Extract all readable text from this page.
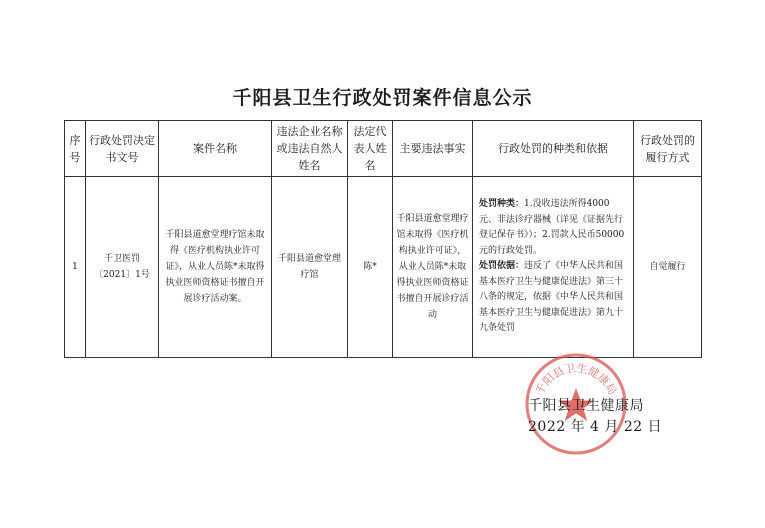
千阳县卫生行政处罚案件信息公示
序号	行政处罚决定书文号	案件名称	违法企业名称或违法自然人姓名	法定代表人姓名	主要违法事实	行政处罚的种类和依据	行政处罚的履行方式
1	千卫医罚〔2021〕1号	千阳县道愈堂理疗馆未取得《医疗机构执业许可证》，从业人员陈*未取得执业医师资格证书擅自开展诊疗活动案。	千阳县道愈堂理疗馆	陈*	千阳县道愈堂理疗馆未取得《医疗机构执业许可证》，从业人员陈*未取得执业医师资格证书擅自开展诊疗活动	处罚种类：1.没收违法所得4000元、非法诊疗器械（详见《证据先行登记保存书》）；2.罚款人民币50000元的行政处罚。
处罚依据：违反了《中华人民共和国基本医疗卫生与健康促进法》第三十八条的规定，依据《中华人民共和国基本医疗卫生与健康促进法》第九十九条处罚	自觉履行
千阳县卫生健康局
千阳县卫生健康局
2022 年 4 月 22 日
